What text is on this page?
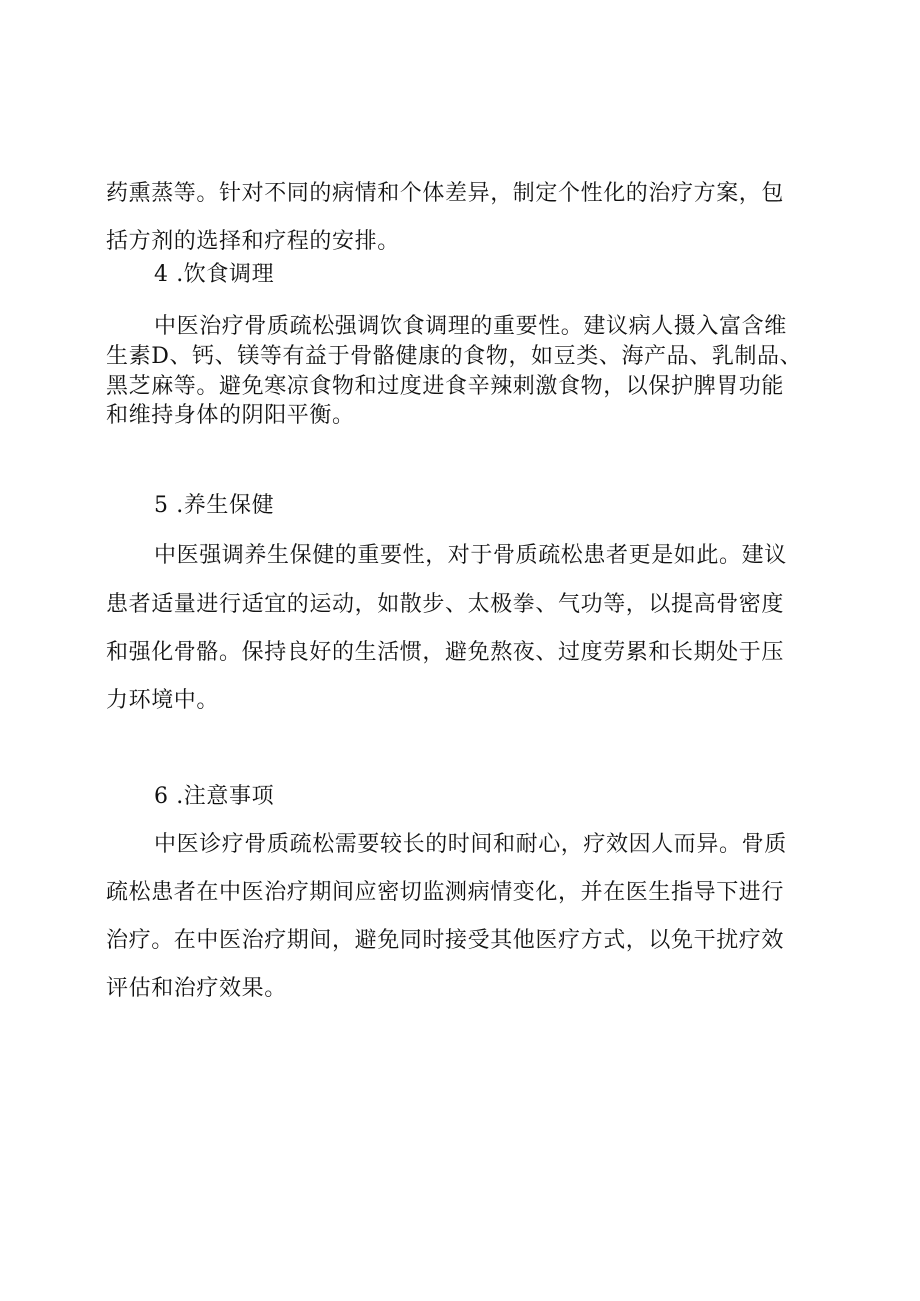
药熏蒸等。针对不同的病情和个体差异，制定个性化的治疗方案，包
括方剂的选择和疗程的安排。
4 .饮食调理
中医治疗骨质疏松强调饮食调理的重要性。建议病人摄入富含维
生素D、钙、镁等有益于骨骼健康的食物，如豆类、海产品、乳制品、
黑芝麻等。避免寒凉食物和过度进食辛辣刺激食物，以保护脾胃功能
和维持身体的阴阳平衡。
5 .养生保健
中医强调养生保健的重要性，对于骨质疏松患者更是如此。建议
患者适量进行适宜的运动，如散步、太极拳、气功等，以提高骨密度
和强化骨骼。保持良好的生活惯，避免熬夜、过度劳累和长期处于压
力环境中。
6 .注意事项
中医诊疗骨质疏松需要较长的时间和耐心，疗效因人而异。骨质
疏松患者在中医治疗期间应密切监测病情变化，并在医生指导下进行
治疗。在中医治疗期间，避免同时接受其他医疗方式，以免干扰疗效
评估和治疗效果。
